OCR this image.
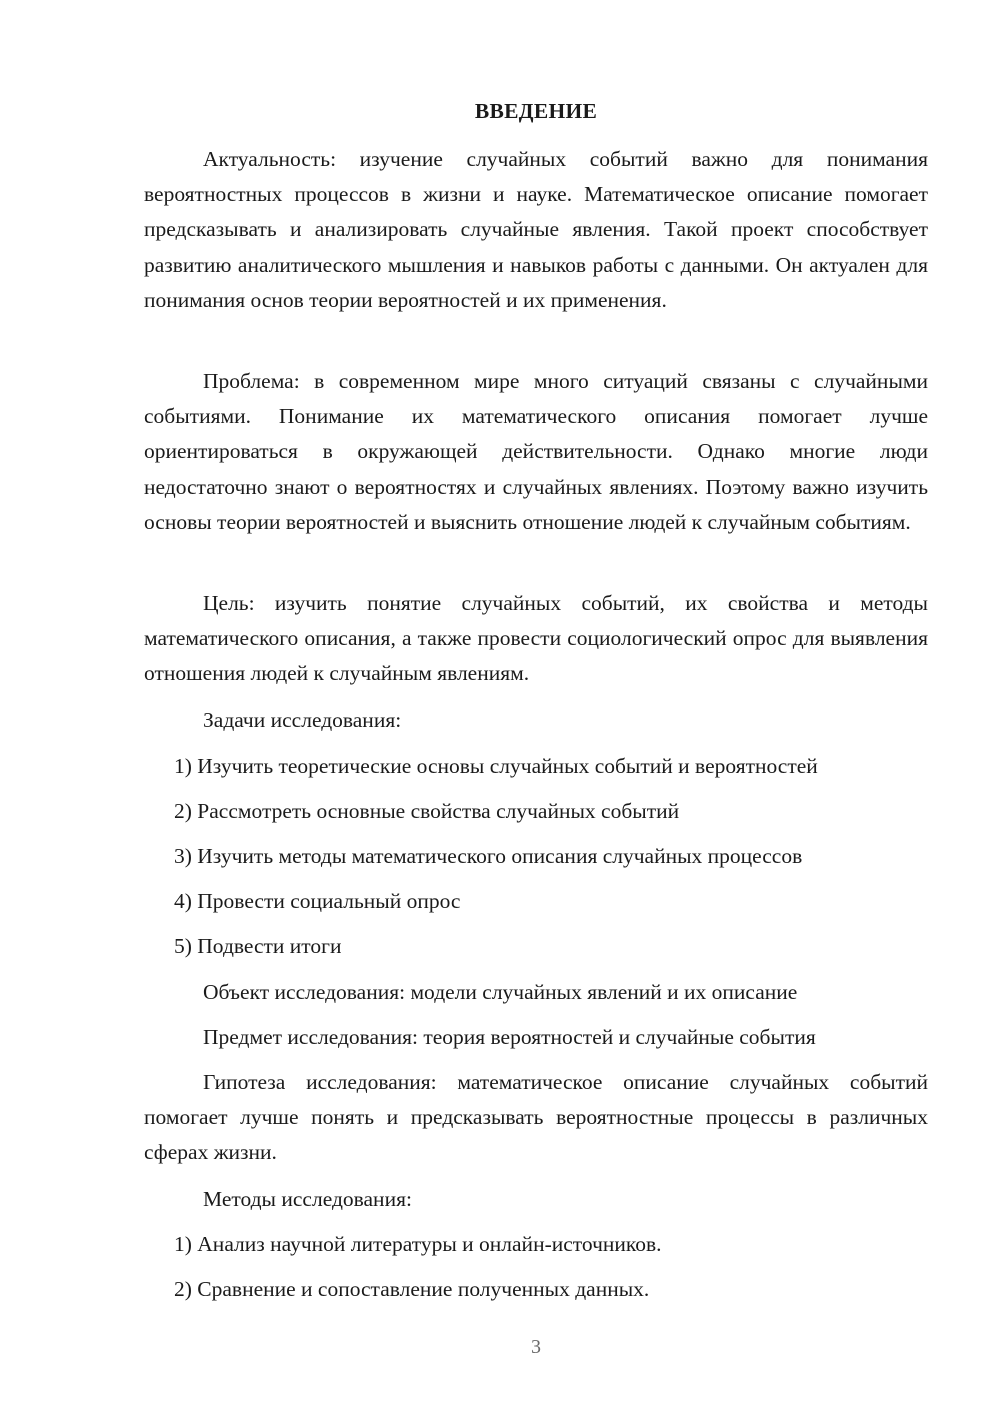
ВВЕДЕНИЕ

Актуальность: изучение случайных событий важно для понимания вероятностных процессов в жизни и науке. Математическое описание помогает предсказывать и анализировать случайные явления. Такой проект способствует развитию аналитического мышления и навыков работы с данными. Он актуален для понимания основ теории вероятностей и их применения.

Проблема: в современном мире много ситуаций связаны с случайными событиями. Понимание их математического описания помогает лучше ориентироваться в окружающей действительности. Однако многие люди недостаточно знают о вероятностях и случайных явлениях. Поэтому важно изучить основы теории вероятностей и выяснить отношение людей к случайным событиям.

Цель: изучить понятие случайных событий, их свойства и методы математического описания, а также провести социологический опрос для выявления отношения людей к случайным явлениям.

Задачи исследования:
1) Изучить теоретические основы случайных событий и вероятностей
2) Рассмотреть основные свойства случайных событий
3) Изучить методы математического описания случайных процессов
4) Провести социальный опрос
5) Подвести итоги
Объект исследования: модели случайных явлений и их описание
Предмет исследования: теория вероятностей и случайные события

Гипотеза исследования: математическое описание случайных событий помогает лучше понять и предсказывать вероятностные процессы в различных сферах жизни.

Методы исследования:
1) Анализ научной литературы и онлайн-источников.
2) Сравнение и сопоставление полученных данных.
3
